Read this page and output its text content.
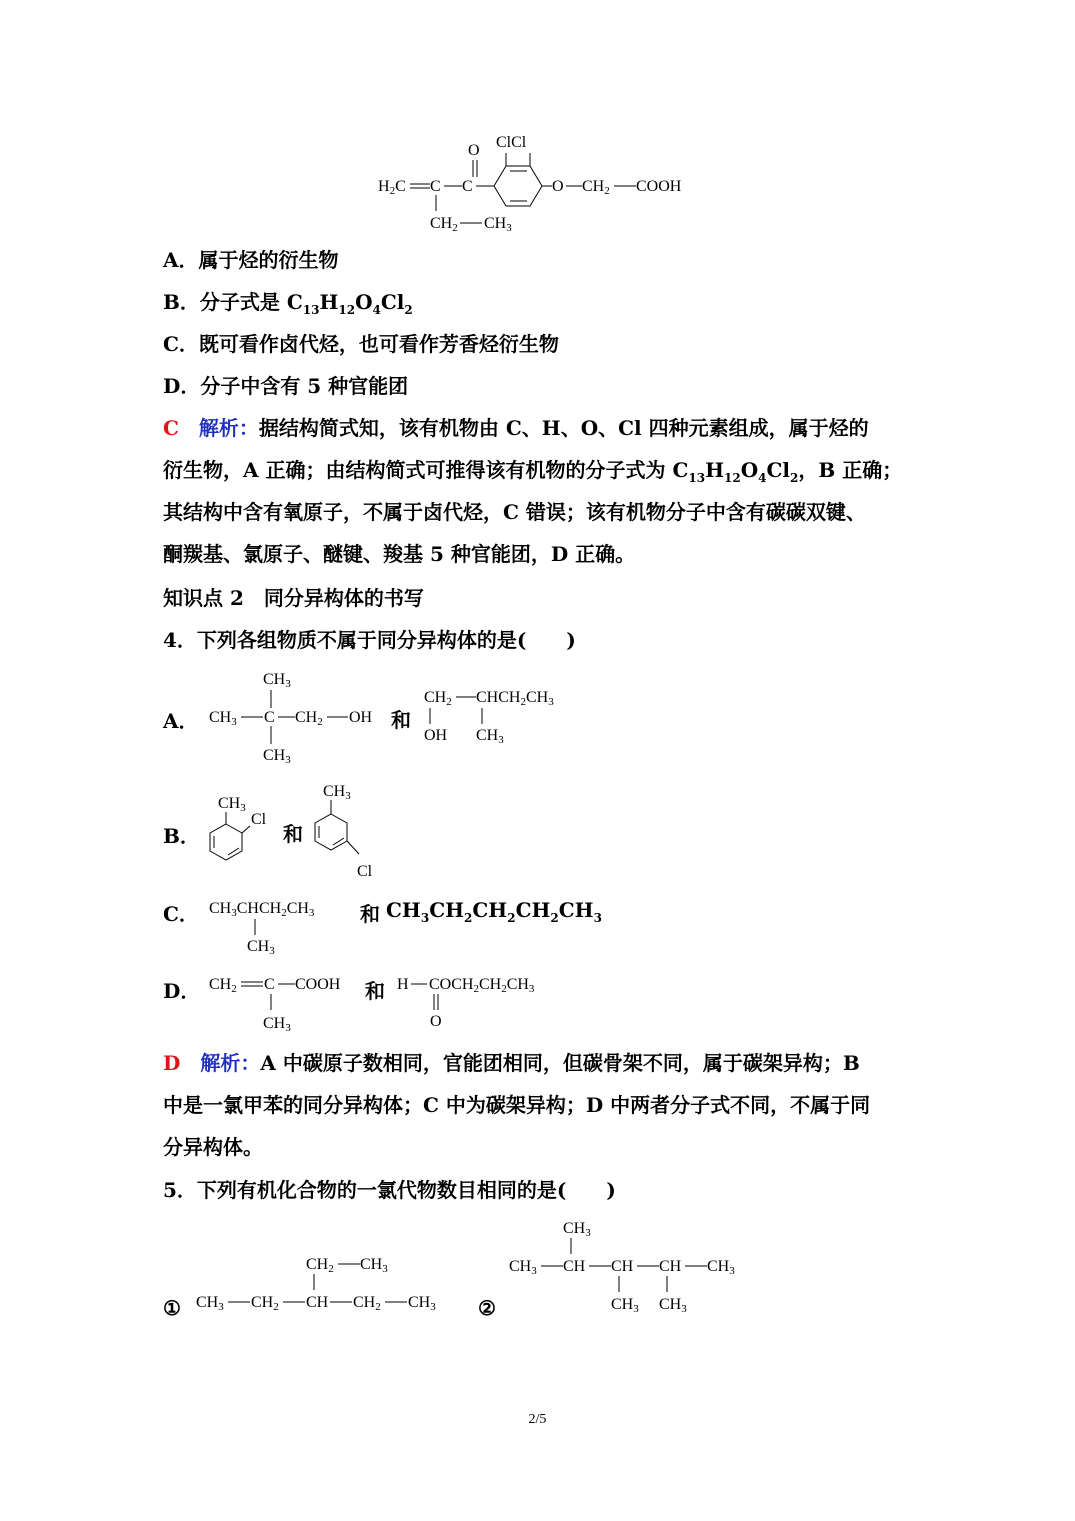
O
H2C C C
CH2 CH3
ClCl
O CH2 COOH
A．属于烃的衍生物
B．分子式是 $C_{13}H_{12}O_4Cl_2$
C．既可看作卤代烃，也可看作芳香烃衍生物
D．分子中含有 5 种官能团
C　 解析：据结构简式知，该有机物由 C、H、O、Cl 四种元素组成，属于烃的
衍生物，A 正确；由结构简式可推得该有机物的分子式为 $C_{13}H_{12}O_4Cl_2$，B 正确；
其结构中含有氧原子，不属于卤代烃，C 错误；该有机物分子中含有碳碳双键、
酮羰基、氯原子、醚键、羧基 5 种官能团，D 正确。
知识点 2　同分异构体的书写
4．下列各组物质不属于同分异构体的是(　　)
A．
CH3
CH3 C CH2 OH
CH3
和
CH2 CHCH2CH3
OH CH3
B．
CH3
Cl
和
CH3
Cl
C． CH3CHCH2CH3
CH3
和 $CH_3CH_2CH_2CH_2CH_3$
D． CH2 C COOH
CH3
和 H COCH2CH2CH3
O
D　 解析：A 中碳原子数相同，官能团相同，但碳骨架不同，属于碳架异构；B
中是一氯甲苯的同分异构体；C 中为碳架异构；D 中两者分子式不同，不属于同
分异构体。
5．下列有机化合物的一氯代物数目相同的是(　　)
①
CH2 CH3
CH3 CH2 CH CH2 CH3 ②
CH3
CH3 CH CH CH CH3
CH3 CH3
2/5
